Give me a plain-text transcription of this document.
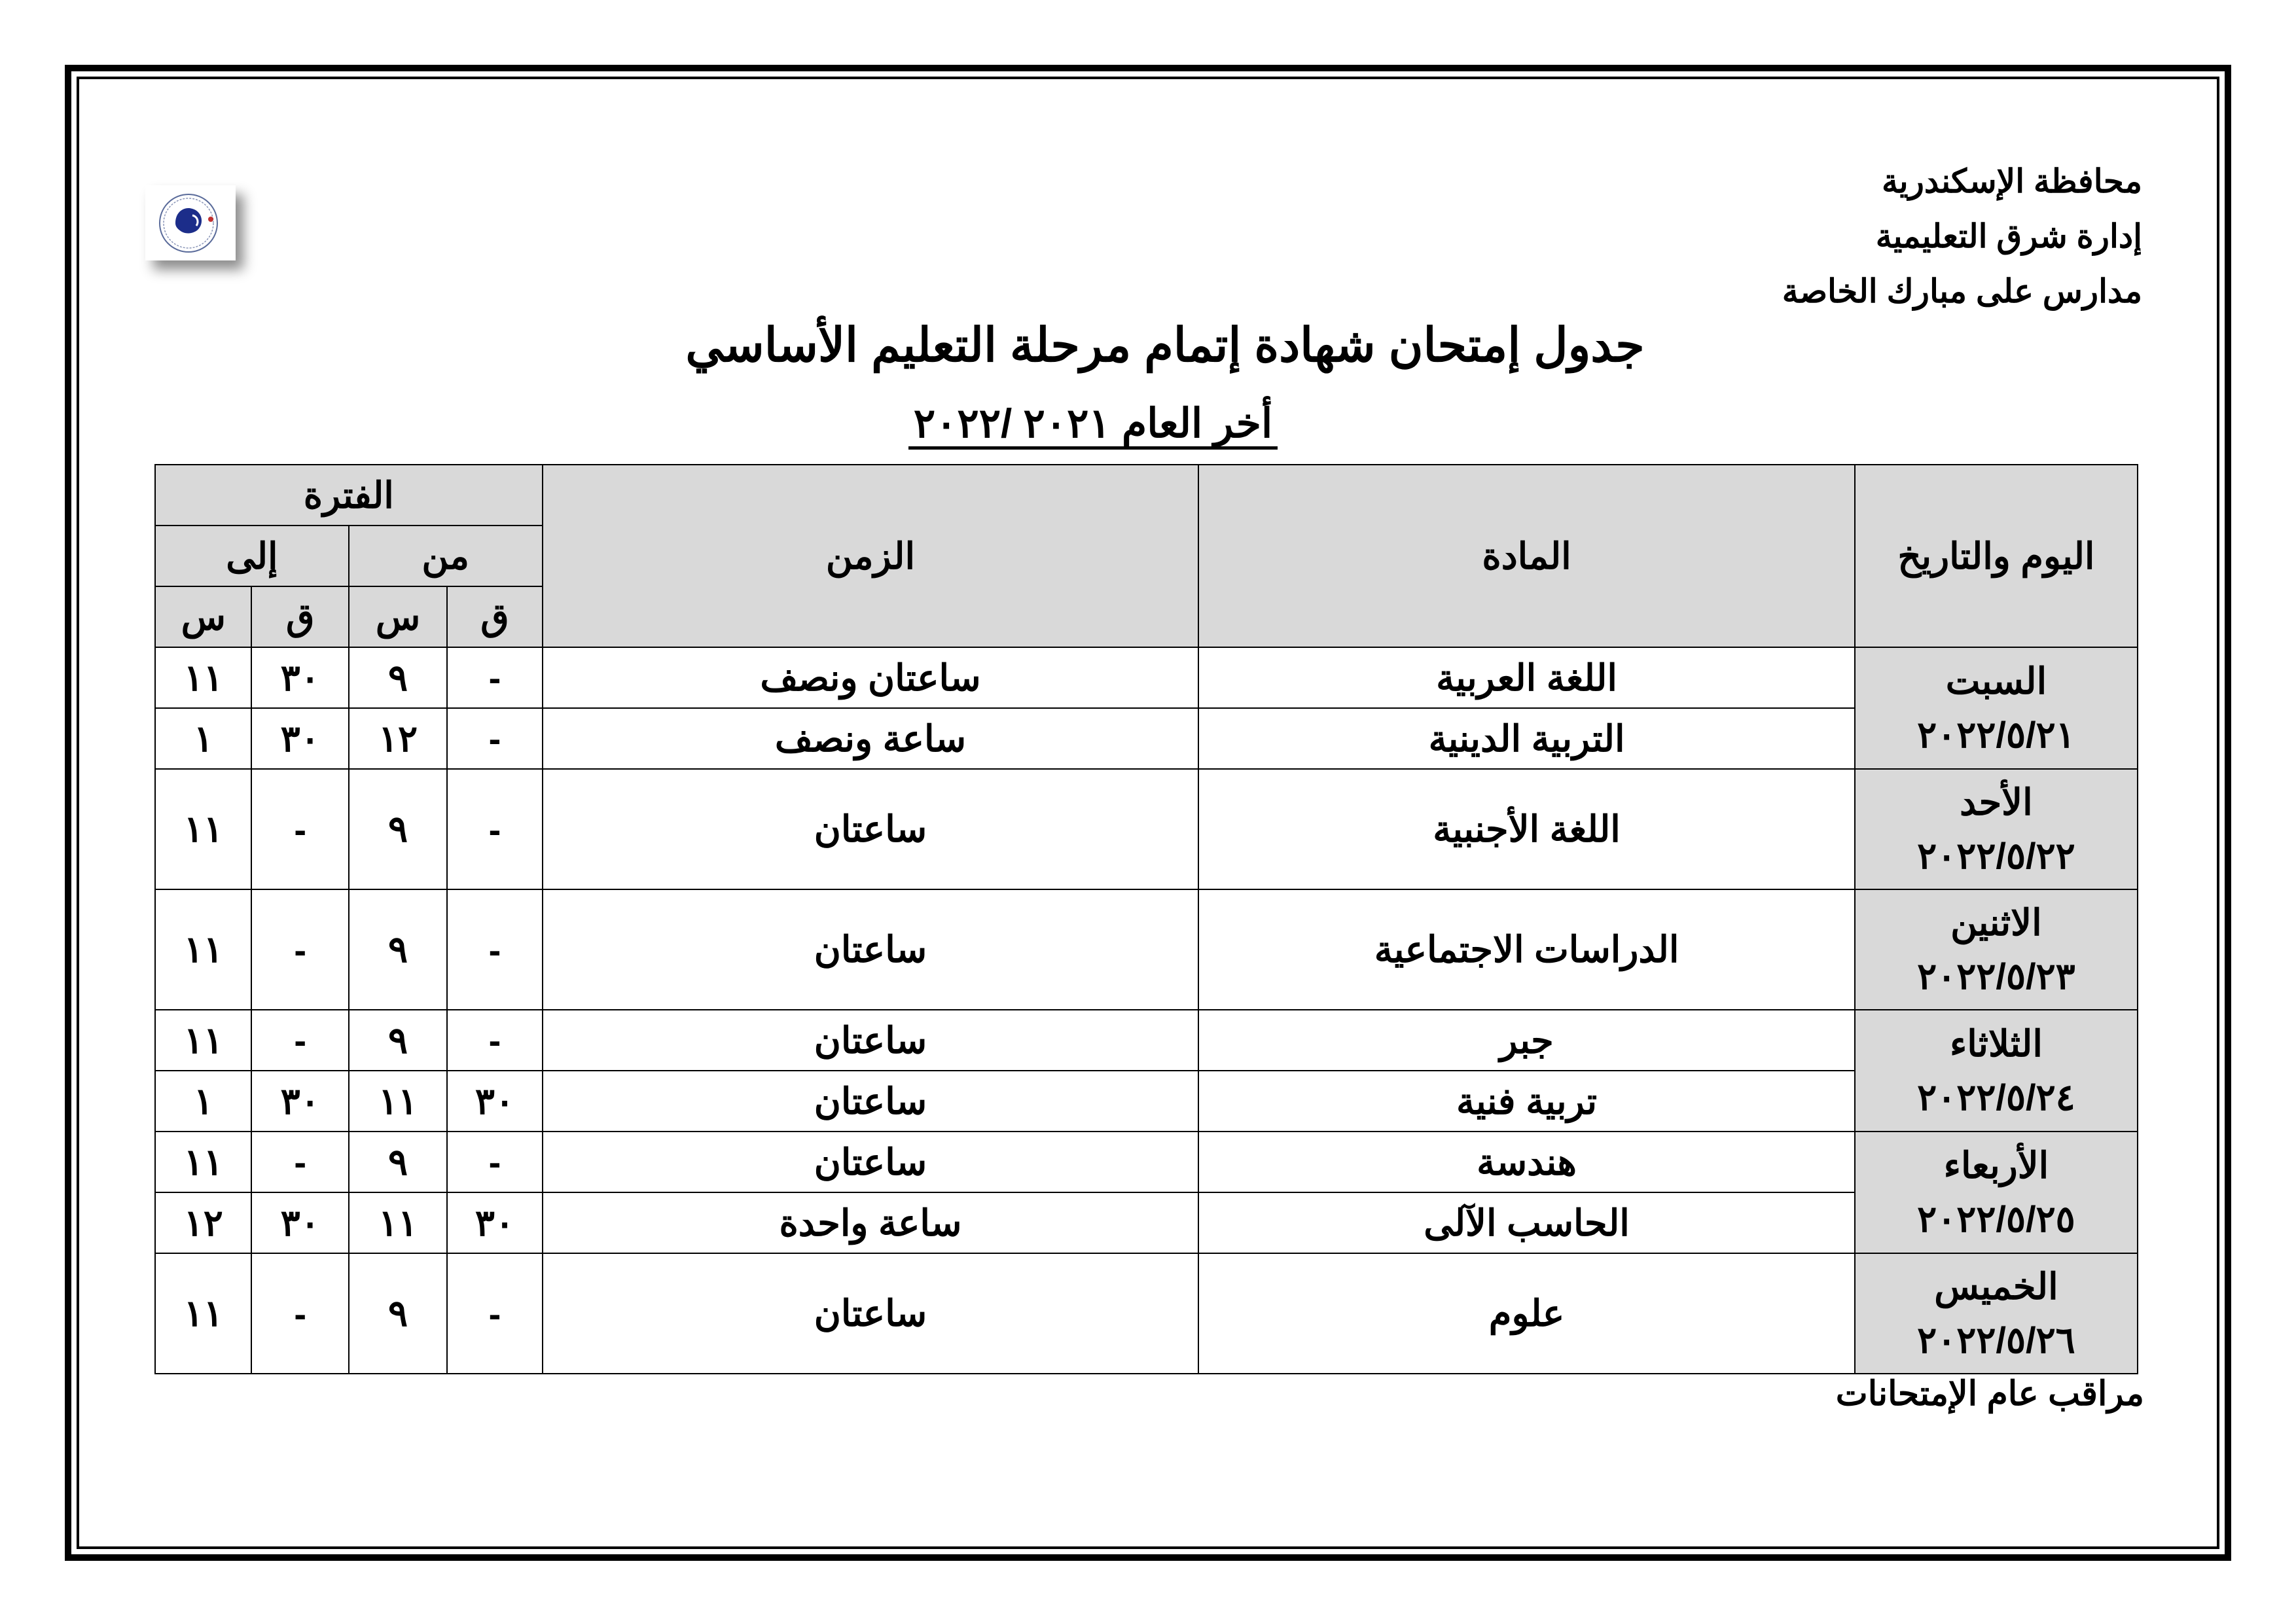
محافظة الإسكندرية
إدارة شرق التعليمية
مدارس على مبارك الخاصة
جدول إمتحان شهادة إتمام مرحلة التعليم الأساسي
أخر العام ٢٠٢١ /٢٠٢٢
اليوم والتاريخ	المادة	الزمن	الفترة			
			من		إلى	
			ق	س	ق	س

السبت
٢٠٢٢/٥/٢١	اللغة العربية	ساعتان ونصف	-	٩	٣٠	١١
	التربية الدينية	ساعة ونصف	-	١٢	٣٠	١

الأحد
٢٠٢٢/٥/٢٢	اللغة الأجنبية	ساعتان	-	٩	-	١١

الاثنين
٢٠٢٢/٥/٢٣	الدراسات الاجتماعية	ساعتان	-	٩	-	١١

الثلاثاء
٢٠٢٢/٥/٢٤	جبر	ساعتان	-	٩	-	١١
	تربية فنية	ساعتان	٣٠	١١	٣٠	١

الأربعاء
٢٠٢٢/٥/٢٥	هندسة	ساعتان	-	٩	-	١١
	الحاسب الآلى	ساعة واحدة	٣٠	١١	٣٠	١٢

الخميس
٢٠٢٢/٥/٢٦	علوم	ساعتان	-	٩	-	١١
مراقب عام الإمتحانات
